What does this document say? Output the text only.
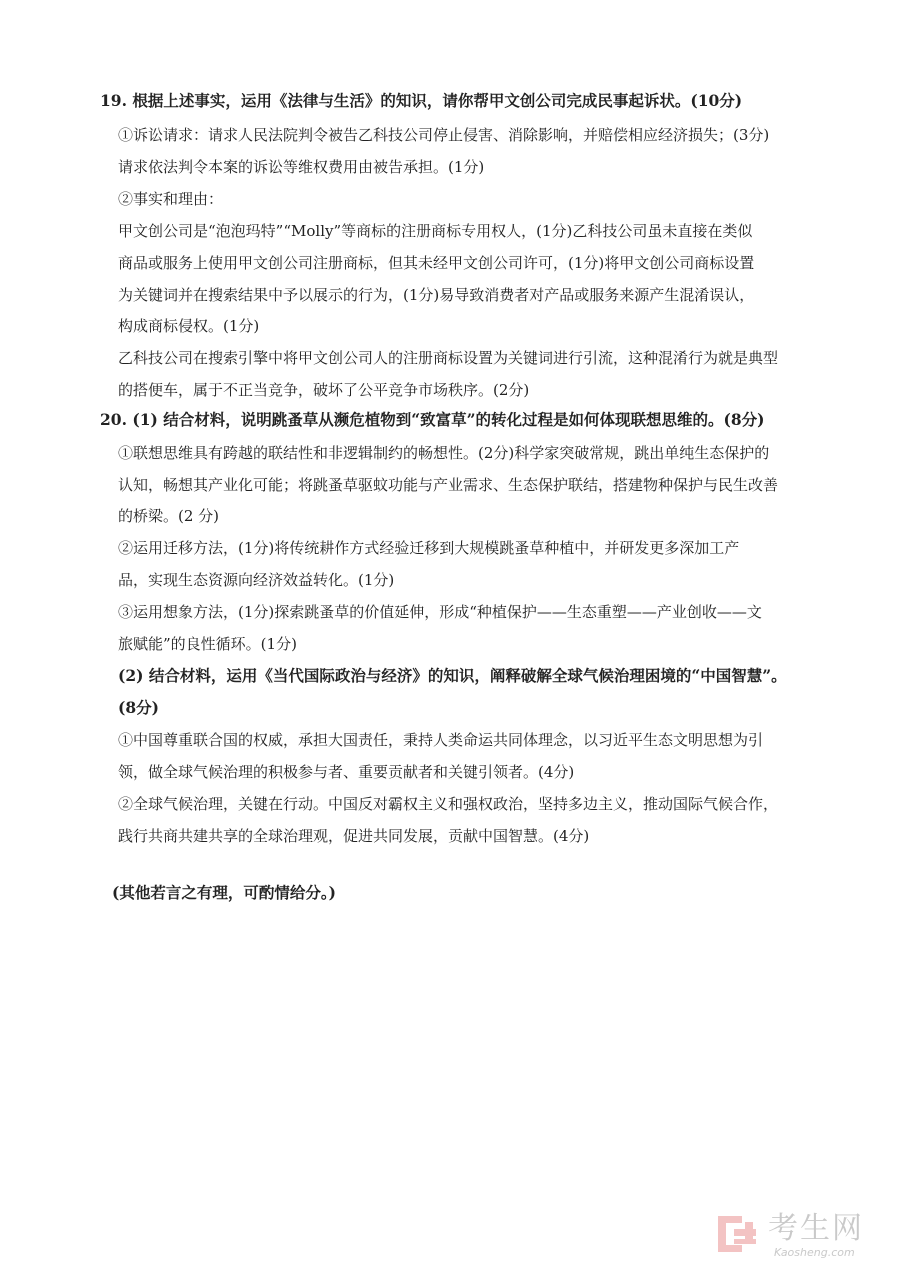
19. 根据上述事实，运用《法律与生活》的知识，请你帮甲文创公司完成民事起诉状。(10分)
①诉讼请求：请求人民法院判令被告乙科技公司停止侵害、消除影响，并赔偿相应经济损失；(3分)
请求依法判令本案的诉讼等维权费用由被告承担。(1分)
②事实和理由：
甲文创公司是“泡泡玛特”“Molly”等商标的注册商标专用权人，(1分)乙科技公司虽未直接在类似
商品或服务上使用甲文创公司注册商标，但其未经甲文创公司许可，(1分)将甲文创公司商标设置
为关键词并在搜索结果中予以展示的行为，(1分)易导致消费者对产品或服务来源产生混淆误认，
构成商标侵权。(1分)
乙科技公司在搜索引擎中将甲文创公司人的注册商标设置为关键词进行引流，这种混淆行为就是典型
的搭便车，属于不正当竞争，破坏了公平竞争市场秩序。(2分)
20. (1) 结合材料，说明跳蚤草从濒危植物到“致富草”的转化过程是如何体现联想思维的。(8分)
①联想思维具有跨越的联结性和非逻辑制约的畅想性。(2分)科学家突破常规，跳出单纯生态保护的
认知，畅想其产业化可能；将跳蚤草驱蚊功能与产业需求、生态保护联结，搭建物种保护与民生改善
的桥梁。(2 分)
②运用迁移方法，(1分)将传统耕作方式经验迁移到大规模跳蚤草种植中，并研发更多深加工产
品，实现生态资源向经济效益转化。(1分)
③运用想象方法，(1分)探索跳蚤草的价值延伸，形成“种植保护——生态重塑——产业创收——文
旅赋能”的良性循环。(1分)
(2) 结合材料，运用《当代国际政治与经济》的知识，阐释破解全球气候治理困境的“中国智慧”。
(8分)
①中国尊重联合国的权威，承担大国责任，秉持人类命运共同体理念，以习近平生态文明思想为引
领，做全球气候治理的积极参与者、重要贡献者和关键引领者。(4分)
②全球气候治理，关键在行动。中国反对霸权主义和强权政治，坚持多边主义，推动国际气候合作，
践行共商共建共享的全球治理观，促进共同发展，贡献中国智慧。(4分)
(其他若言之有理，可酌情给分。)
考生网
Kaosheng.com
